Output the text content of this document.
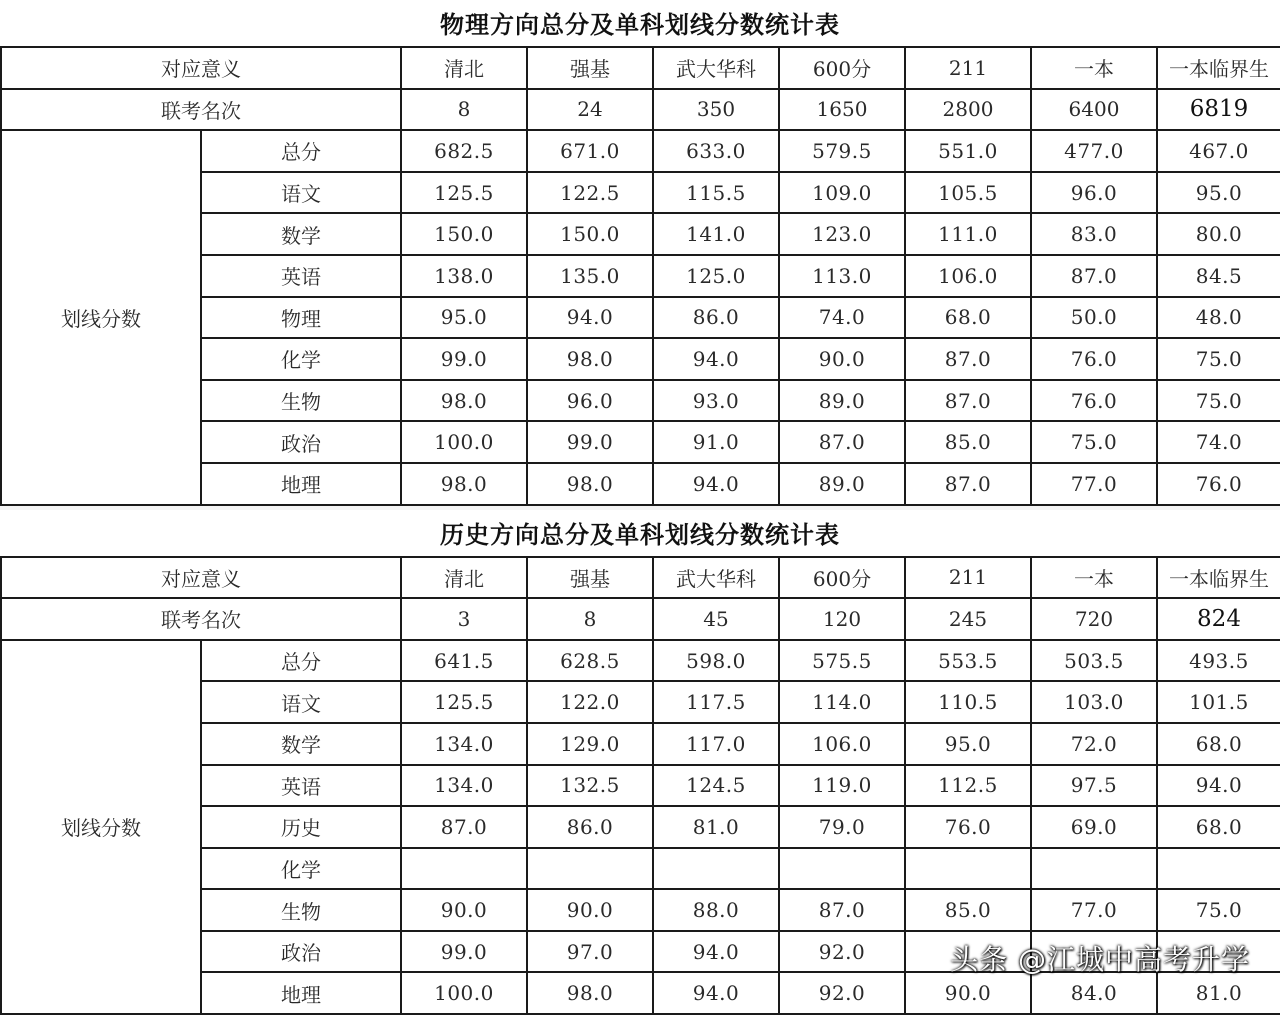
物理方向总分及单科划线分数统计表
对应意义		清北	强基	武大华科	600分	211	一本	一本临界生
联考名次		8	24	350	1650	2800	6400	6819
划线分数	总分	682.5	671.0	633.0	579.5	551.0	477.0	467.0
	语文	125.5	122.5	115.5	109.0	105.5	96.0	95.0
	数学	150.0	150.0	141.0	123.0	111.0	83.0	80.0
	英语	138.0	135.0	125.0	113.0	106.0	87.0	84.5
	物理	95.0	94.0	86.0	74.0	68.0	50.0	48.0
	化学	99.0	98.0	94.0	90.0	87.0	76.0	75.0
	生物	98.0	96.0	93.0	89.0	87.0	76.0	75.0
	政治	100.0	99.0	91.0	87.0	85.0	75.0	74.0
	地理	98.0	98.0	94.0	89.0	87.0	77.0	76.0
历史方向总分及单科划线分数统计表
对应意义		清北	强基	武大华科	600分	211	一本	一本临界生
联考名次		3	8	45	120	245	720	824
划线分数	总分	641.5	628.5	598.0	575.5	553.5	503.5	493.5
	语文	125.5	122.0	117.5	114.0	110.5	103.0	101.5
	数学	134.0	129.0	117.0	106.0	95.0	72.0	68.0
	英语	134.0	132.5	124.5	119.0	112.5	97.5	94.0
	历史	87.0	86.0	81.0	79.0	76.0	69.0	68.0
	化学							
	生物	90.0	90.0	88.0	87.0	85.0	77.0	75.0
	政治	99.0	97.0	94.0	92.0			
	地理	100.0	98.0	94.0	92.0	90.0	84.0	81.0
头条 @江城中高考升学
